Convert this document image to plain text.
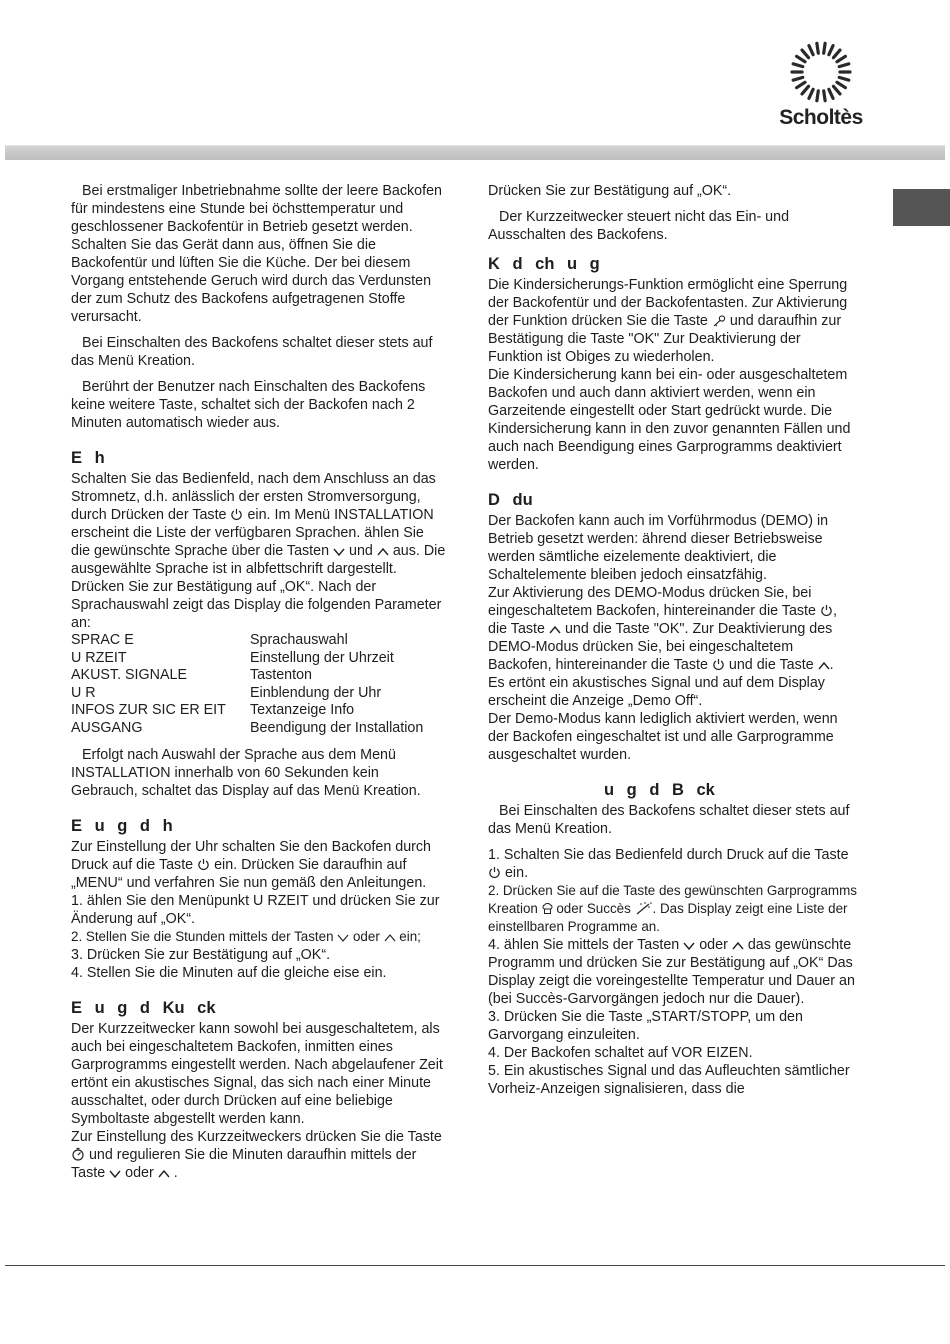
Scholtès

Bei erstmaliger Inbetriebnahme sollte der leere Backofen für mindestens eine Stunde bei öchsttemperatur und geschlossener Backofentür in Betrieb gesetzt werden. Schalten Sie das Gerät dann aus, öffnen Sie die Backofentür und lüften Sie die Küche. Der bei diesem Vorgang entstehende Geruch wird durch das Verdunsten der zum Schutz des Backofens aufgetragenen Stoffe verursacht.

Bei Einschalten des Backofens schaltet dieser stets auf das Menü Kreation.

Berührt der Benutzer nach Einschalten des Backofens keine weitere Taste, schaltet sich der Backofen nach 2 Minuten automatisch wieder aus.

E h

Schalten Sie das Bedienfeld, nach dem Anschluss an das Stromnetz, d.h. anlässlich der ersten Stromversorgung, durch Drücken der Taste ein. Im Menü INSTALLATION erscheint die Liste der verfügbaren Sprachen. ählen Sie die gewünschte Sprache über die Tasten und aus. Die ausgewählte Sprache ist in albfettschrift dargestellt. Drücken Sie zur Bestätigung auf „OK“. Nach der Sprachauswahl zeigt das Display die folgenden Parameter an:

SPRAC E	Sprachauswahl
U RZEIT	Einstellung der Uhrzeit
AKUST. SIGNALE	Tastenton
U R	Einblendung der Uhr
INFOS ZUR SIC ER EIT	Textanzeige Info
AUSGANG	Beendigung der Installation

Erfolgt nach Auswahl der Sprache aus dem Menü INSTALLATION innerhalb von 60 Sekunden kein Gebrauch, schaltet das Display auf das Menü Kreation.

E u g d h

Zur Einstellung der Uhr schalten Sie den Backofen durch Druck auf die Taste ein. Drücken Sie daraufhin auf „MENU“ und verfahren Sie nun gemäß den Anleitungen.

1. ählen Sie den Menüpunkt U RZEIT und drücken Sie zur Änderung auf „OK“.

2. Stellen Sie die Stunden mittels der Tasten oder ein;

3. Drücken Sie zur Bestätigung auf „OK“.

4. Stellen Sie die Minuten auf die gleiche eise ein.

E u g d Ku ck

Der Kurzzeitwecker kann sowohl bei ausgeschaltetem, als auch bei eingeschaltetem Backofen, inmitten eines Garprogramms eingestellt werden. Nach abgelaufener Zeit ertönt ein akustisches Signal, das sich nach einer Minute ausschaltet, oder durch Drücken auf eine beliebige Symboltaste abgestellt werden kann.

Zur Einstellung des Kurzzeitweckers drücken Sie die Taste
und regulieren Sie die Minuten daraufhin mittels der Taste oder .

Drücken Sie zur Bestätigung auf „OK“.

Der Kurzzeitwecker steuert nicht das Ein- und Ausschalten des Backofens.

K d ch u g

Die Kindersicherungs-Funktion ermöglicht eine Sperrung der Backofentür und der Backofentasten. Zur Aktivierung der Funktion drücken Sie die Taste und daraufhin zur Bestätigung die Taste "OK" Zur Deaktivierung der Funktion ist Obiges zu wiederholen.

Die Kindersicherung kann bei ein- oder ausgeschaltetem Backofen und auch dann aktiviert werden, wenn ein Garzeitende eingestellt oder Start gedrückt wurde. Die Kindersicherung kann in den zuvor genannten Fällen und auch nach Beendigung eines Garprogramms deaktiviert werden.

D du

Der Backofen kann auch im Vorführmodus (DEMO) in Betrieb gesetzt werden: ährend dieser Betriebsweise werden sämtliche eizelemente deaktiviert, die Schaltelemente bleiben jedoch einsatzfähig.

Zur Aktivierung des DEMO-Modus drücken Sie, bei eingeschaltetem Backofen, hintereinander die Taste , die Taste und die Taste "OK". Zur Deaktivierung des DEMO-Modus drücken Sie, bei eingeschaltetem Backofen, hintereinander die Taste und die Taste .

Es ertönt ein akustisches Signal und auf dem Display erscheint die Anzeige „Demo Off“.

Der Demo-Modus kann lediglich aktiviert werden, wenn der Backofen eingeschaltet ist und alle Garprogramme ausgeschaltet wurden.

u g d B ck

Bei Einschalten des Backofens schaltet dieser stets auf das Menü Kreation.

1. Schalten Sie das Bedienfeld durch Druck auf die Taste
ein.

2. Drücken Sie auf die Taste des gewünschten Garprogramms Kreation oder Succès . Das Display zeigt eine Liste der einstellbaren Programme an.

4. ählen Sie mittels der Tasten oder das gewünschte Programm und drücken Sie zur Bestätigung auf „OK“ Das Display zeigt die voreingestellte Temperatur und Dauer an (bei Succès-Garvorgängen jedoch nur die Dauer).

3. Drücken Sie die Taste „START/STOPP, um den Garvorgang einzuleiten.

4. Der Backofen schaltet auf VOR EIZEN.

5. Ein akustisches Signal und das Aufleuchten sämtlicher Vorheiz-Anzeigen signalisieren, dass die
